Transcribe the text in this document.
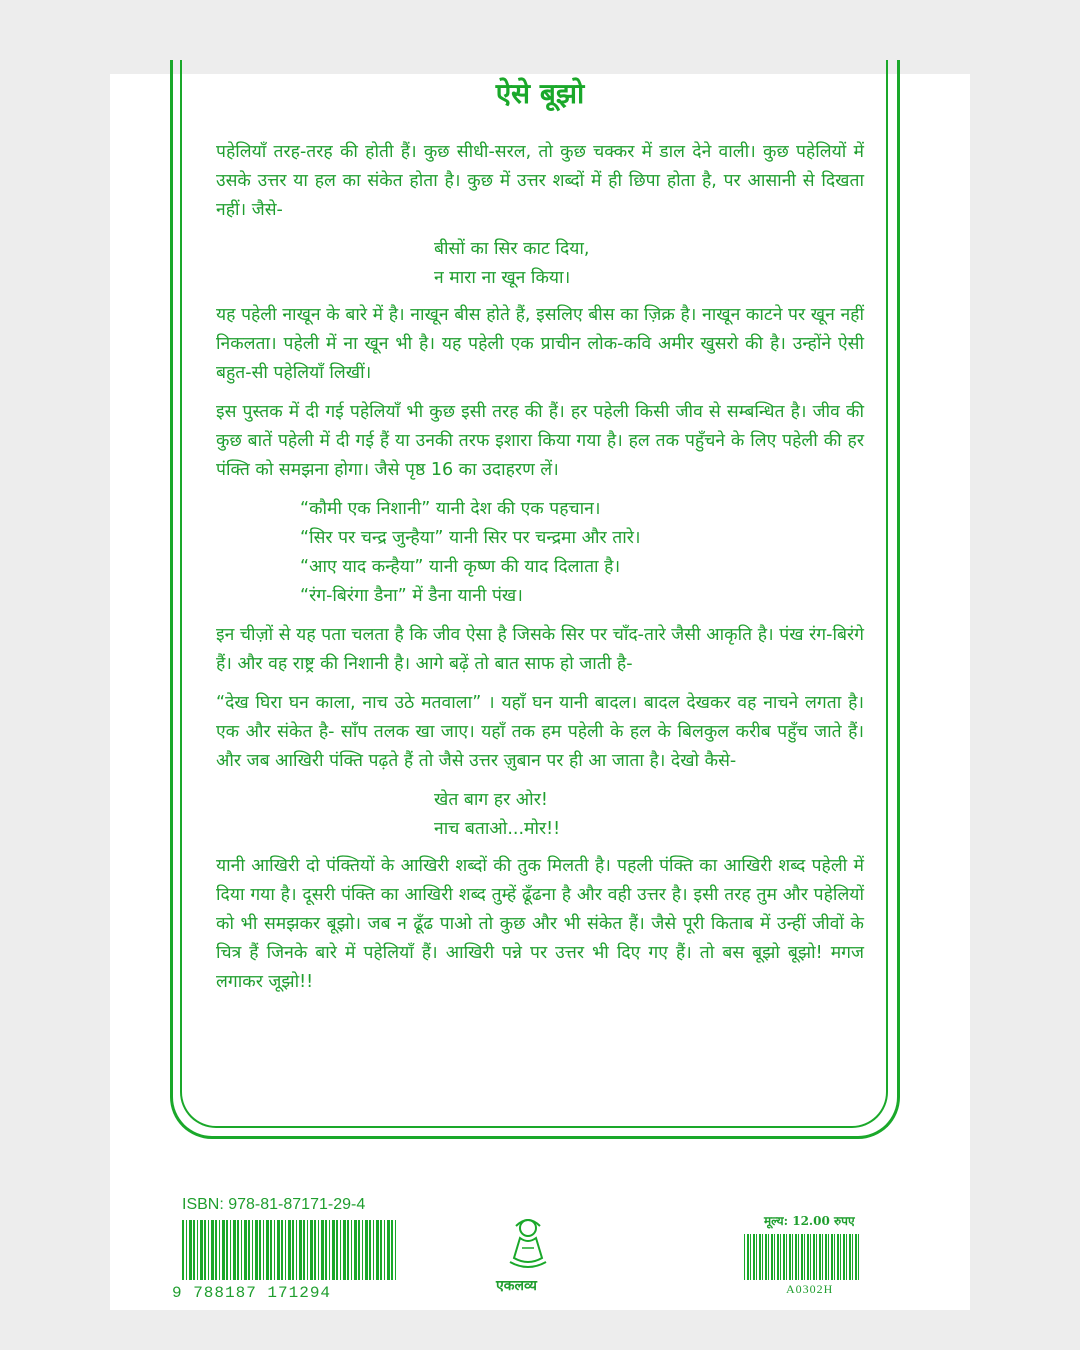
ऐसे बूझो

पहेलियाँ तरह-तरह की होती हैं। कुछ सीधी-सरल, तो कुछ चक्कर में डाल देने वाली। कुछ पहेलियों में उसके उत्तर या हल का संकेत होता है। कुछ में उत्तर शब्दों में ही छिपा होता है, पर आसानी से दिखता नहीं। जैसे-

बीसों का सिर काट दिया,
न मारा ना खून किया।

यह पहेली नाखून के बारे में है। नाखून बीस होते हैं, इसलिए बीस का ज़िक्र है। नाखून काटने पर खून नहीं निकलता। पहेली में ना खून भी है। यह पहेली एक प्राचीन लोक-कवि अमीर खुसरो की है। उन्होंने ऐसी बहुत-सी पहेलियाँ लिखीं।

इस पुस्तक में दी गई पहेलियाँ भी कुछ इसी तरह की हैं। हर पहेली किसी जीव से सम्बन्धित है। जीव की कुछ बातें पहेली में दी गई हैं या उनकी तरफ इशारा किया गया है। हल तक पहुँचने के लिए पहेली की हर पंक्ति को समझना होगा। जैसे पृष्ठ 16 का उदाहरण लें।

“कौमी एक निशानी” यानी देश की एक पहचान।
“सिर पर चन्द्र जुन्हैया” यानी सिर पर चन्द्रमा और तारे।
“आए याद कन्हैया” यानी कृष्ण की याद दिलाता है।
“रंग-बिरंगा डैना” में डैना यानी पंख।

इन चीज़ों से यह पता चलता है कि जीव ऐसा है जिसके सिर पर चाँद-तारे जैसी आकृति है। पंख रंग-बिरंगे हैं। और वह राष्ट्र की निशानी है। आगे बढ़ें तो बात साफ हो जाती है-

“देख घिरा घन काला, नाच उठे मतवाला” । यहाँ घन यानी बादल। बादल देखकर वह नाचने लगता है। एक और संकेत है- साँप तलक खा जाए। यहाँ तक हम पहेली के हल के बिलकुल करीब पहुँच जाते हैं। और जब आखिरी पंक्ति पढ़ते हैं तो जैसे उत्तर ज़ुबान पर ही आ जाता है। देखो कैसे-

खेत बाग हर ओर!
नाच बताओ...मोर!!

यानी आखिरी दो पंक्तियों के आखिरी शब्दों की तुक मिलती है। पहली पंक्ति का आखिरी शब्द पहेली में दिया गया है। दूसरी पंक्ति का आखिरी शब्द तुम्हें ढूँढना है और वही उत्तर है। इसी तरह तुम और पहेलियों को भी समझकर बूझो। जब न ढूँढ पाओ तो कुछ और भी संकेत हैं। जैसे पूरी किताब में उन्हीं जीवों के चित्र हैं जिनके बारे में पहेलियाँ हैं। आखिरी पन्ने पर उत्तर भी दिए गए हैं। तो बस बूझो बूझो! मगज लगाकर जूझो!!

ISBN: 978-81-87171-29-4
9 788187 171294	एकलव्य
मूल्य: 12.00 रुपए
A0302H
